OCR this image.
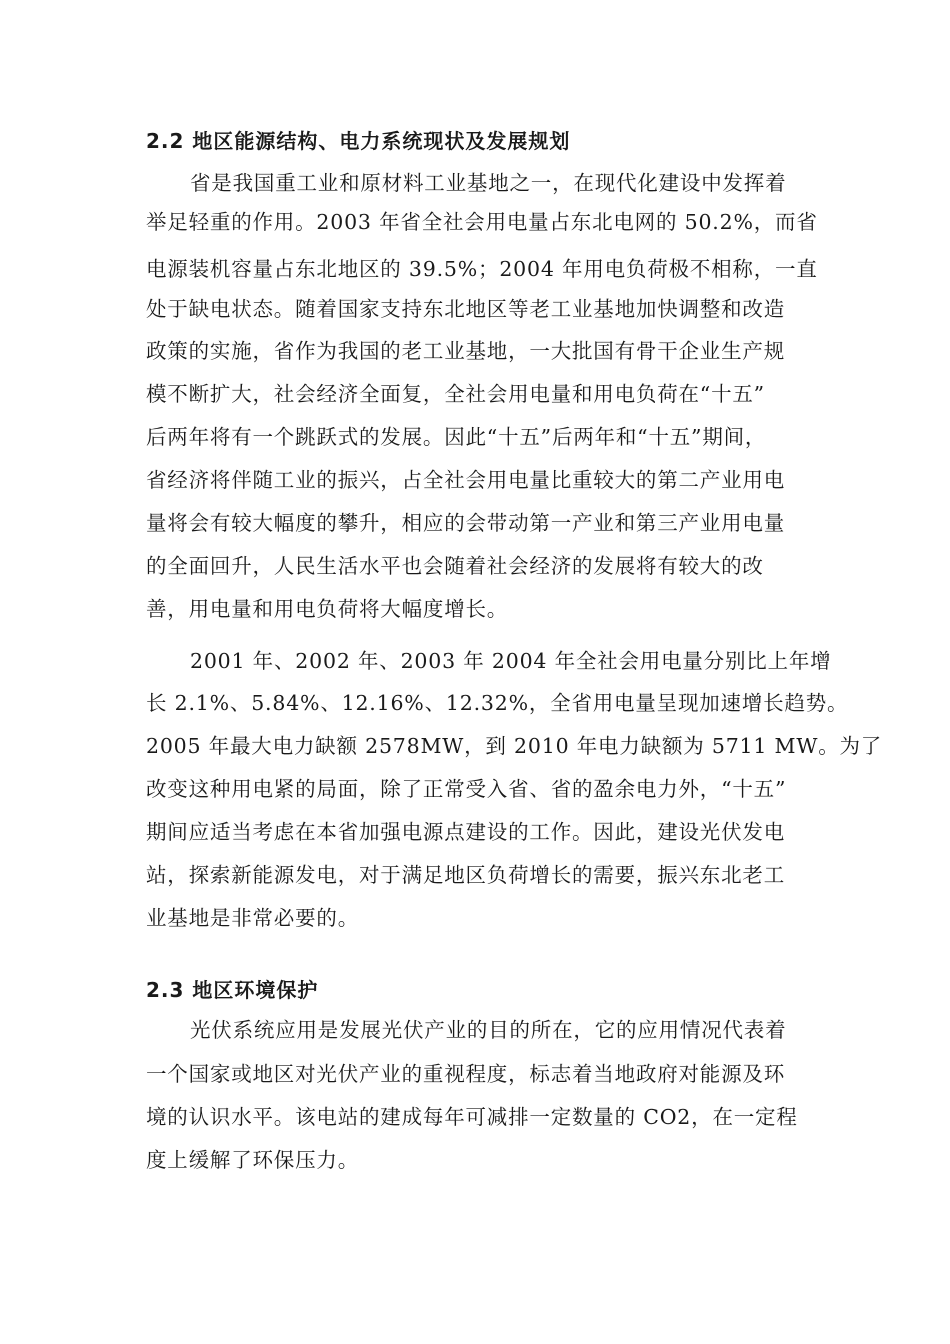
2.2 地区能源结构、电力系统现状及发展规划
省是我国重工业和原材料工业基地之一，在现代化建设中发挥着
举足轻重的作用。2003 年省全社会用电量占东北电网的 50.2%，而省
电源装机容量占东北地区的 39.5%；2004 年用电负荷极不相称，一直
处于缺电状态。随着国家支持东北地区等老工业基地加快调整和改造
政策的实施，省作为我国的老工业基地，一大批国有骨干企业生产规
模不断扩大，社会经济全面复，全社会用电量和用电负荷在“十五”
后两年将有一个跳跃式的发展。因此“十五”后两年和“十五”期间，
省经济将伴随工业的振兴，占全社会用电量比重较大的第二产业用电
量将会有较大幅度的攀升，相应的会带动第一产业和第三产业用电量
的全面回升，人民生活水平也会随着社会经济的发展将有较大的改
善，用电量和用电负荷将大幅度增长。
2001 年、2002 年、2003 年 2004 年全社会用电量分别比上年增
长 2.1%、5.84%、12.16%、12.32%，全省用电量呈现加速增长趋势。
2005 年最大电力缺额 2578MW，到 2010 年电力缺额为 5711 MW。为了
改变这种用电紧的局面，除了正常受入省、省的盈余电力外，“十五”
期间应适当考虑在本省加强电源点建设的工作。因此，建设光伏发电
站，探索新能源发电，对于满足地区负荷增长的需要，振兴东北老工
业基地是非常必要的。
2.3 地区环境保护
光伏系统应用是发展光伏产业的目的所在，它的应用情况代表着
一个国家或地区对光伏产业的重视程度，标志着当地政府对能源及环
境的认识水平。该电站的建成每年可减排一定数量的 CO2，在一定程
度上缓解了环保压力。
